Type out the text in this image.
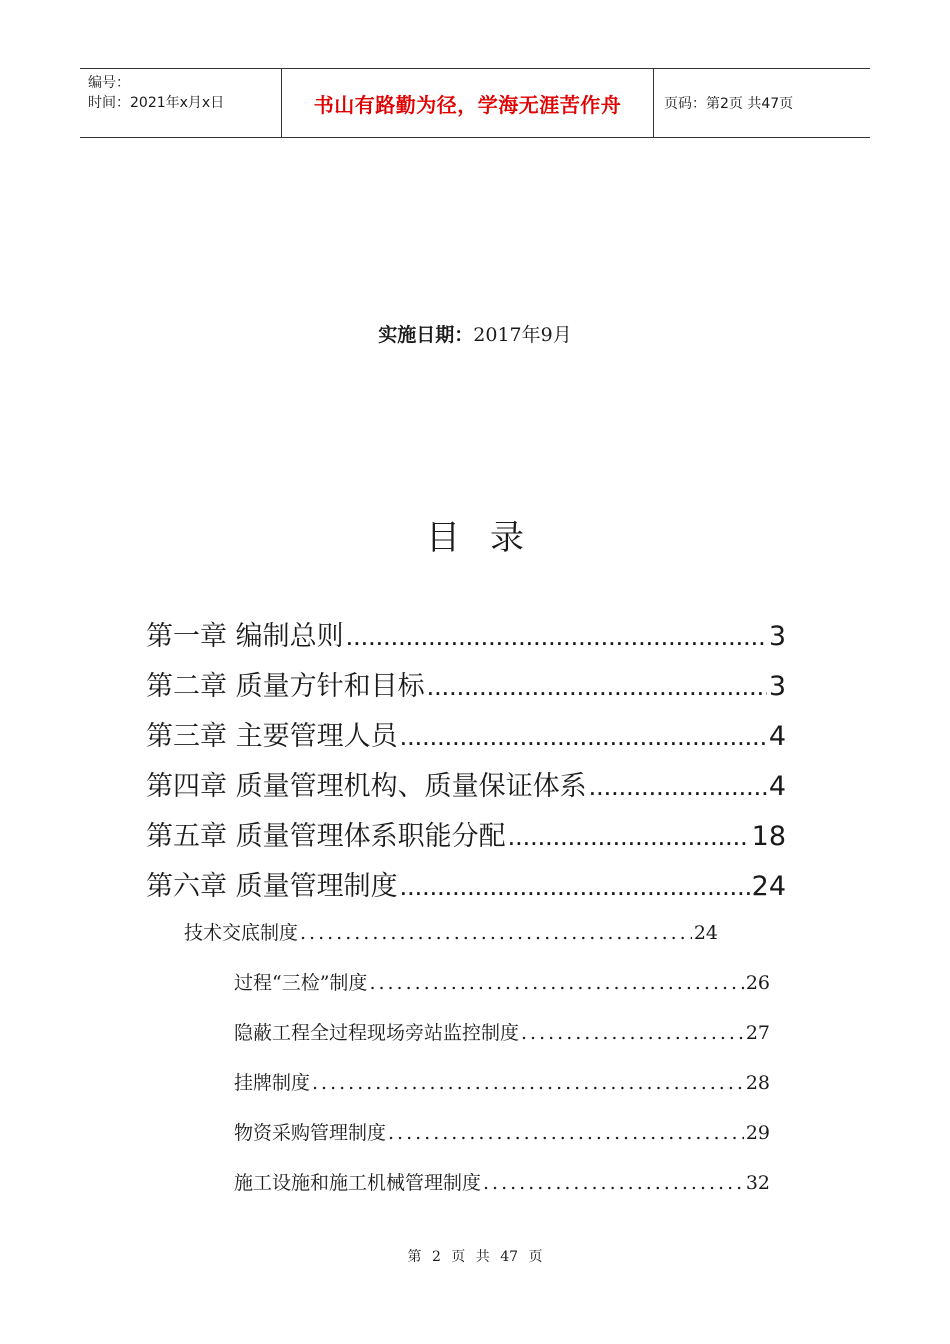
编号：
时间：2021年x月x日	书山有路勤为径，学海无涯苦作舟	页码：第2页 共47页
实施日期：2017年9月
目录
第一章 编制总则 .....	3
第二章 质量方针和目标 .....	3
第三章 主要管理人员 .....	4
第四章 质量管理机构、质量保证体系 .....	4
第五章 质量管理体系职能分配 .....	18
第六章 质量管理制度 .....	24
技术交底制度 .....	24
过程“三检”制度 .....	26
隐蔽工程全过程现场旁站监控制度 .....	27
挂牌制度 .....	28
物资采购管理制度 .....	29
施工设施和施工机械管理制度 .....	32
第 2 页 共 47 页
